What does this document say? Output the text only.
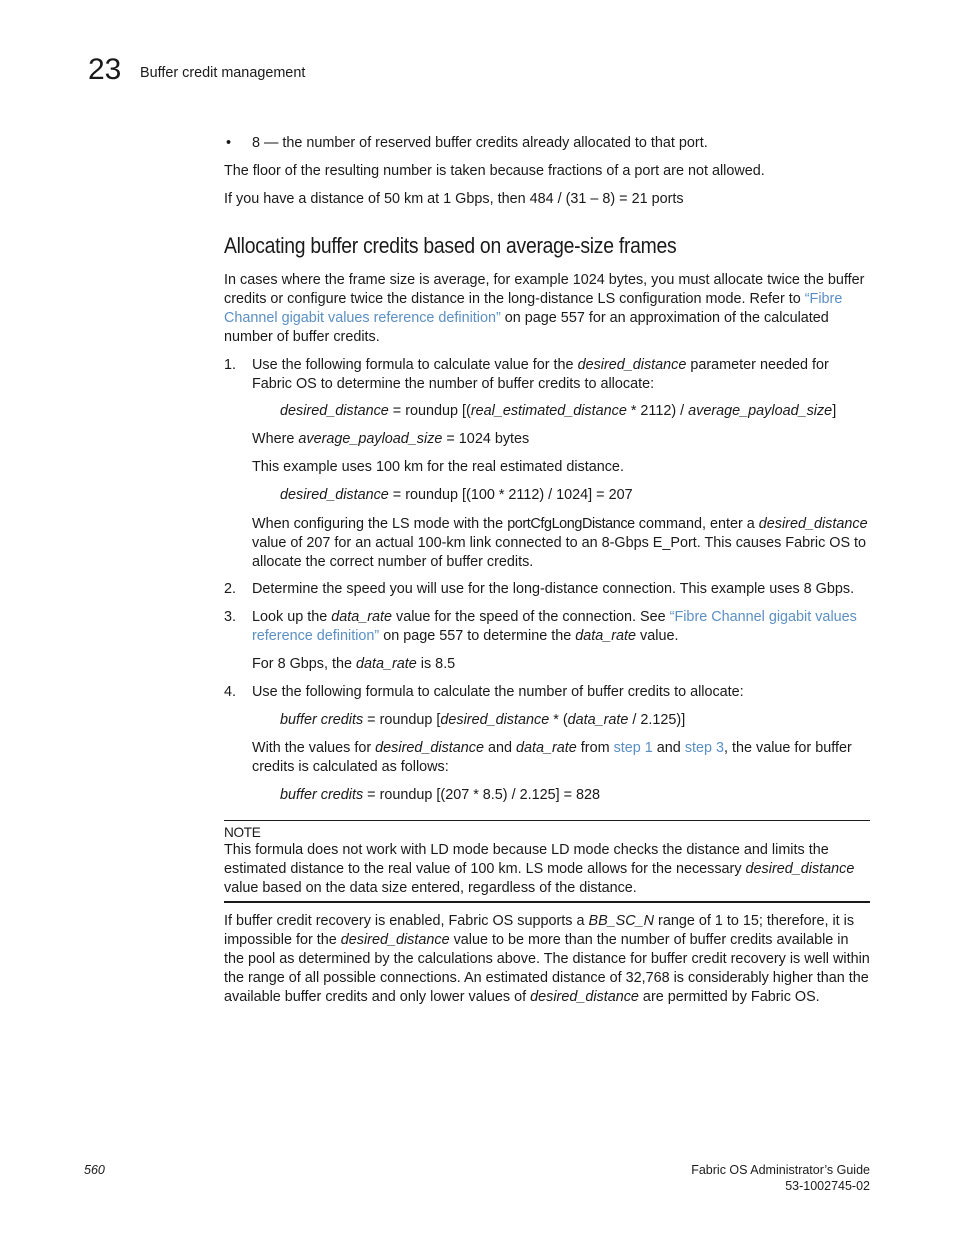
23 Buffer credit management
• 8 — the number of reserved buffer credits already allocated to that port.

The floor of the resulting number is taken because fractions of a port are not allowed.

If you have a distance of 50 km at 1 Gbps, then 484 / (31 – 8) = 21 ports

Allocating buffer credits based on average-size frames

In cases where the frame size is average, for example 1024 bytes, you must allocate twice the buffer credits or configure twice the distance in the long-distance LS configuration mode. Refer to “Fibre Channel gigabit values reference definition” on page 557 for an approximation of the calculated number of buffer credits.

1.	Use the following formula to calculate value for the desired_distance parameter needed for Fabric OS to determine the number of buffer credits to allocate:

desired_distance = roundup [(real_estimated_distance * 2112) / average_payload_size]

Where average_payload_size = 1024 bytes

This example uses 100 km for the real estimated distance.

desired_distance = roundup [(100 * 2112) / 1024] = 207

When configuring the LS mode with the portCfgLongDistance command, enter a desired_distance value of 207 for an actual 100-km link connected to an 8-Gbps E_Port. This causes Fabric OS to allocate the correct number of buffer credits.

2.	Determine the speed you will use for the long-distance connection. This example uses 8 Gbps.

3.	Look up the data_rate value for the speed of the connection. See “Fibre Channel gigabit values reference definition” on page 557 to determine the data_rate value.

For 8 Gbps, the data_rate is 8.5

4.	Use the following formula to calculate the number of buffer credits to allocate:

buffer credits = roundup [desired_distance * (data_rate / 2.125)]

With the values for desired_distance and data_rate from step 1 and step 3, the value for buffer credits is calculated as follows:

buffer credits = roundup [(207 * 8.5) / 2.125] = 828

NOTE

This formula does not work with LD mode because LD mode checks the distance and limits the estimated distance to the real value of 100 km. LS mode allows for the necessary desired_distance value based on the data size entered, regardless of the distance.

If buffer credit recovery is enabled, Fabric OS supports a BB_SC_N range of 1 to 15; therefore, it is impossible for the desired_distance value to be more than the number of buffer credits available in the pool as determined by the calculations above. The distance for buffer credit recovery is well within the range of all possible connections. An estimated distance of 32,768 is considerably higher than the available buffer credits and only lower values of desired_distance are permitted by Fabric OS.

560	Fabric OS Administrator’s Guide
53-1002745-02
